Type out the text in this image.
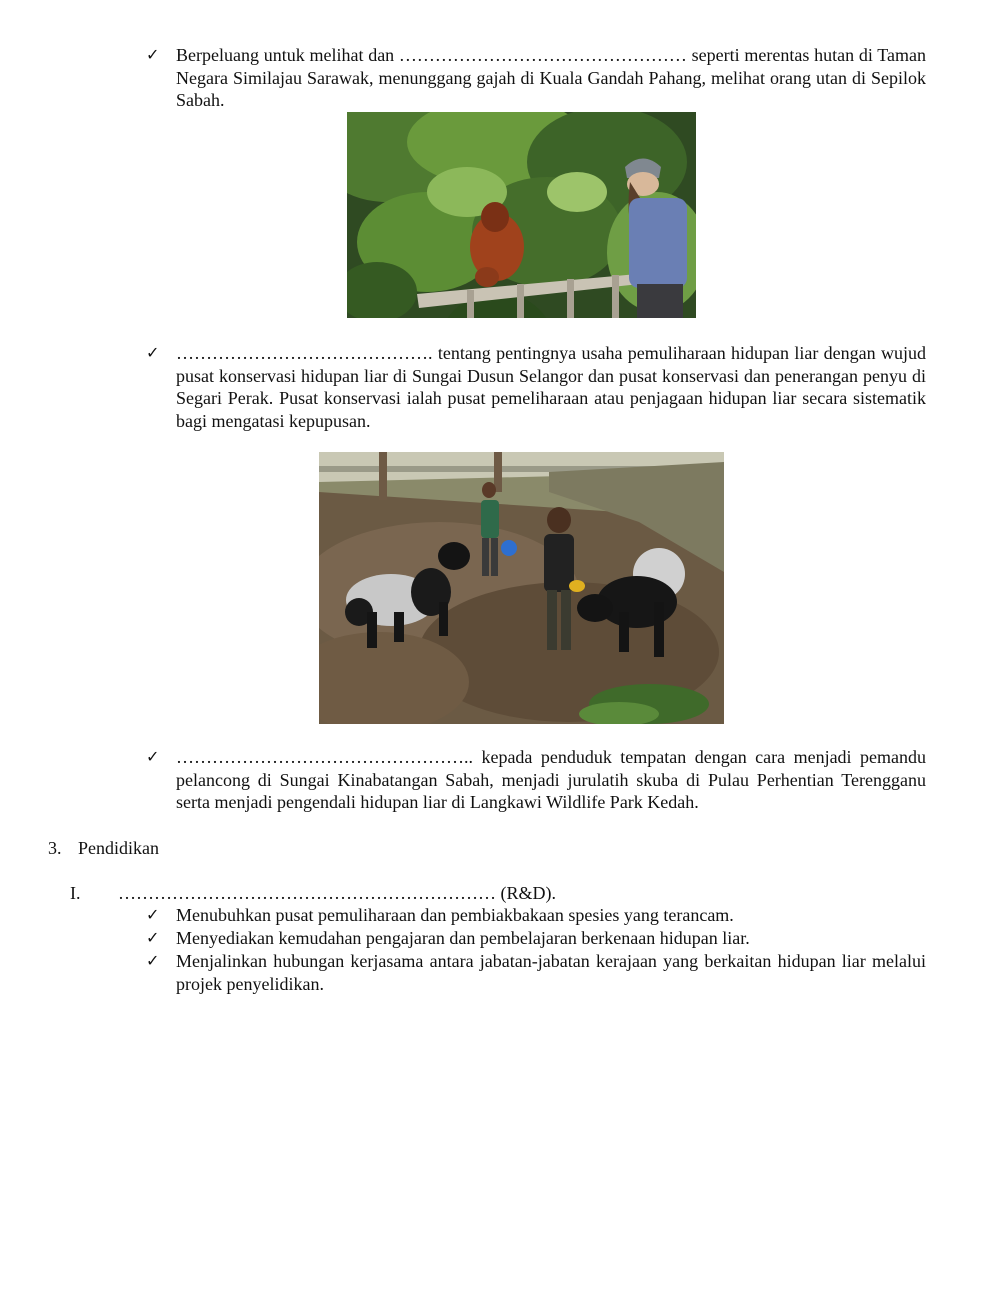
✓ Berpeluang untuk melihat dan ………………………………………… seperti merentas hutan di Taman Negara Similajau Sarawak, menunggang gajah di Kuala Gandah Pahang, melihat orang utan di Sepilok Sabah.
✓ ……………………………………. tentang pentingnya usaha pemuliharaan hidupan liar dengan wujud pusat konservasi hidupan liar di Sungai Dusun Selangor dan pusat konservasi dan penerangan penyu di Segari Perak. Pusat konservasi ialah pusat pemeliharaan atau penjagaan hidupan liar secara sistematik bagi mengatasi kepupusan.
✓ ………………………………………….. kepada penduduk tempatan dengan cara menjadi pemandu pelancong di Sungai Kinabatangan Sabah, menjadi jurulatih skuba di Pulau Perhentian Terengganu serta menjadi pengendali hidupan liar di Langkawi Wildlife Park Kedah.
3. Pendidikan
I. ……………………………………………………… (R&D).
✓ Menubuhkan pusat pemuliharaan dan pembiakbakaan spesies yang terancam.
✓ Menyediakan kemudahan pengajaran dan pembelajaran berkenaan hidupan liar.
✓ Menjalinkan hubungan kerjasama antara jabatan-jabatan kerajaan yang berkaitan hidupan liar melalui projek penyelidikan.
